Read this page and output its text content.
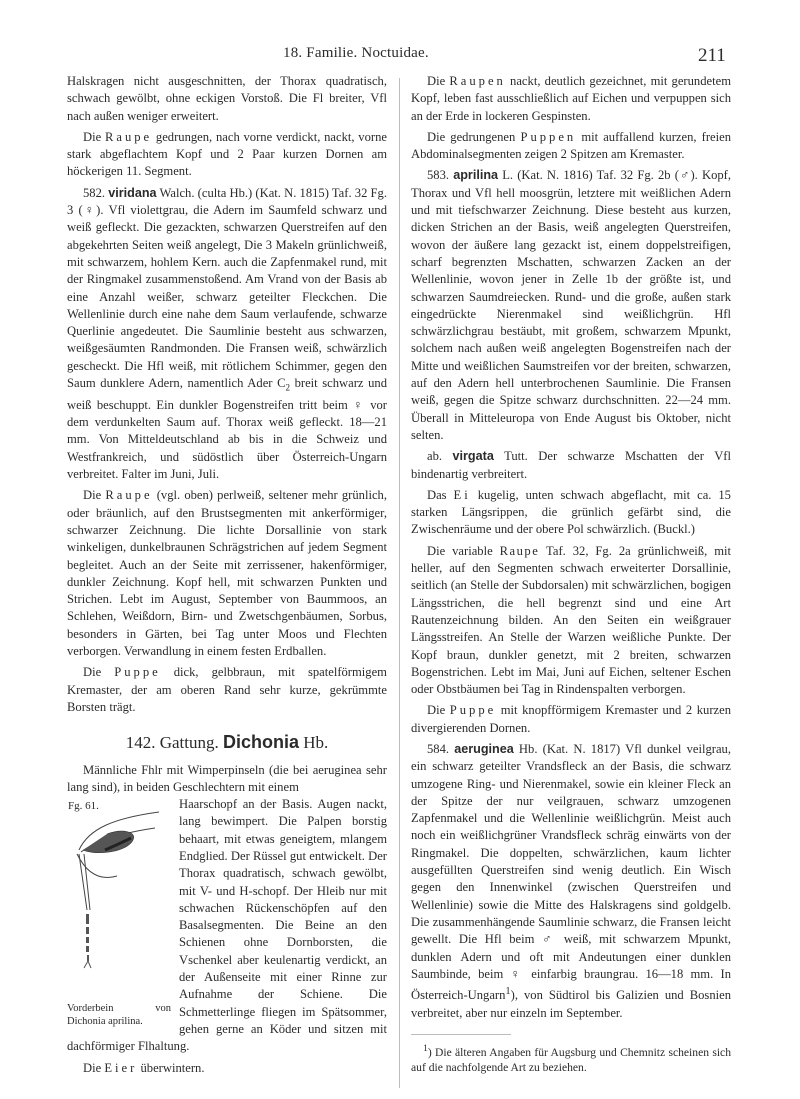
18. Familie. Noctuidae.	211

Halskragen nicht ausgeschnitten, der Thorax quadratisch, schwach gewölbt, ohne eckigen Vorstoß. Die Fl breiter, Vfl nach außen weniger erweitert.

Die Raupe gedrungen, nach vorne verdickt, nackt, vorne stark abgeflachtem Kopf und 2 Paar kurzen Dornen am höckerigen 11. Segment.

582. viridana Walch. (culta Hb.) (Kat. N. 1815) Taf. 32 Fg. 3 (♀). Vfl violettgrau, die Adern im Saumfeld schwarz und weiß gefleckt. Die gezackten, schwarzen Querstreifen auf den abgekehrten Seiten weiß angelegt, Die 3 Makeln grünlichweiß, mit schwarzem, hohlem Kern. auch die Zapfenmakel rund, mit der Ringmakel zusammenstoßend. Am Vrand von der Basis ab eine Anzahl weißer, schwarz geteilter Fleckchen. Die Wellenlinie durch eine nahe dem Saum verlaufende, schwarze Querlinie angedeutet. Die Saumlinie besteht aus schwarzen, weißgesäumten Randmonden. Die Fransen weiß, schwärzlich gescheckt. Die Hfl weiß, mit rötlichem Schimmer, gegen den Saum dunklere Adern, namentlich Ader $C_2$ breit schwarz und weiß beschuppt. Ein dunkler Bogenstreifen tritt beim ♀ vor dem verdunkelten Saum auf. Thorax weiß gefleckt. 18—21 mm. Von Mitteldeutschland ab bis in die Schweiz und Westfrankreich, und südöstlich über Österreich-Ungarn verbreitet. Falter im Juni, Juli.

Die Raupe (vgl. oben) perlweiß, seltener mehr grünlich, oder bräunlich, auf den Brustsegmenten mit ankerförmiger, schwarzer Zeichnung. Die lichte Dorsallinie von stark winkeligen, dunkelbraunen Schrägstrichen auf jedem Segment begleitet. Auch an der Seite mit zerrissener, hakenförmiger, dunkler Zeichnung. Kopf hell, mit schwarzen Punkten und Strichen. Lebt im August, September von Baummoos, an Schlehen, Weißdorn, Birn- und Zwetschgenbäumen, Sorbus, besonders in Gärten, bei Tag unter Moos und Flechten verborgen. Verwandlung in einem festen Erdballen.

Die Puppe dick, gelbbraun, mit spatelförmigem Kremaster, der am oberen Rand sehr kurze, gekrümmte Borsten trägt.

142. Gattung. Dichonia Hb.

Männliche Fhlr mit Wimperpinseln (die bei aeruginea sehr lang sind), in beiden Geschlechtern mit einem

Fg. 61.
Vorderbein von Dichonia aprilina.

Haarschopf an der Basis. Augen nackt, lang bewimpert. Die Palpen borstig behaart, mit etwas geneigtem, mlangem Endglied. Der Rüssel gut entwickelt. Der Thorax quadratisch, schwach gewölbt, mit V- und H-schopf. Der Hleib nur mit schwachen Rückenschöpfen auf den Basalsegmenten. Die Beine an den Schienen ohne Dornborsten, die Vschenkel aber keulenartig verdickt, an der Außenseite mit einer Rinne zur Aufnahme der Schiene. Die Schmetterlinge fliegen im Spätsommer, gehen gerne an Köder und sitzen mit dachförmiger Flhaltung.

Die Eier überwintern.

Die Raupen nackt, deutlich gezeichnet, mit gerundetem Kopf, leben fast ausschließlich auf Eichen und verpuppen sich an der Erde in lockeren Gespinsten.

Die gedrungenen Puppen mit auffallend kurzen, freien Abdominalsegmenten zeigen 2 Spitzen am Kremaster.

583. aprilina L. (Kat. N. 1816) Taf. 32 Fg. 2b (♂). Kopf, Thorax und Vfl hell moosgrün, letztere mit weißlichen Adern und mit tiefschwarzer Zeichnung. Diese besteht aus kurzen, dicken Strichen an der Basis, weiß angelegten Querstreifen, wovon der äußere lang gezackt ist, einem doppelstreifigen, scharf begrenzten Mschatten, schwarzen Zacken an der Wellenlinie, wovon jener in Zelle 1b der größte ist, und schwarzen Saumdreiecken. Rund- und die große, außen stark eingedrückte Nierenmakel sind weißlichgrün. Hfl schwärzlichgrau bestäubt, mit großem, schwarzem Mpunkt, solchem nach außen weiß angelegten Bogenstreifen nach der Mitte und weißlichen Saumstreifen vor der breiten, schwarzen, auf den Adern hell unterbrochenen Saumlinie. Die Fransen weiß, gegen die Spitze schwarz durchschnitten. 22—24 mm. Überall in Mitteleuropa von Ende August bis Oktober, nicht selten.

ab. virgata Tutt. Der schwarze Mschatten der Vfl bindenartig verbreitert.

Das Ei kugelig, unten schwach abgeflacht, mit ca. 15 starken Längsrippen, die grünlich gefärbt sind, die Zwischenräume und der obere Pol schwärzlich. (Buckl.)

Die variable Raupe Taf. 32, Fg. 2a grünlichweiß, mit heller, auf den Segmenten schwach erweiterter Dorsallinie, seitlich (an Stelle der Subdorsalen) mit schwärzlichen, bogigen Längsstrichen, die hell begrenzt sind und eine Art Rautenzeichnung bilden. An den Seiten ein weißgrauer Längsstreifen. An Stelle der Warzen weißliche Punkte. Der Kopf braun, dunkler genetzt, mit 2 breiten, schwarzen Bogenstrichen. Lebt im Mai, Juni auf Eichen, seltener Eschen oder Obstbäumen bei Tag in Rindenspalten verborgen.

Die Puppe mit knopfförmigem Kremaster und 2 kurzen divergierenden Dornen.

584. aeruginea Hb. (Kat. N. 1817) Vfl dunkel veilgrau, ein schwarz geteilter Vrandsfleck an der Basis, die schwarz umzogene Ring- und Nierenmakel, sowie ein kleiner Fleck an der Spitze der nur veilgrauen, schwarz umzogenen Zapfenmakel und die Wellenlinie weißlichgrün. Meist auch noch ein weißlichgrüner Vrandsfleck schräg einwärts von der Ringmakel. Die doppelten, schwärzlichen, kaum lichter ausgefüllten Querstreifen sind wenig deutlich. Ein Wisch gegen den Innenwinkel (zwischen Querstreifen und Wellenlinie) sowie die Mitte des Halskragens sind goldgelb. Die zusammenhängende Saumlinie schwarz, die Fransen leicht gewellt. Die Hfl beim ♂ weiß, mit schwarzem Mpunkt, dunklen Adern und oft mit Andeutungen einer dunklen Saumbinde, beim ♀ einfarbig braungrau. 16—18 mm. In Österreich-Ungarn$^1$), von Südtirol bis Galizien und Bosnien verbreitet, aber nur einzeln im September.

$^1$) Die älteren Angaben für Augsburg und Chemnitz scheinen sich auf die nachfolgende Art zu beziehen.
